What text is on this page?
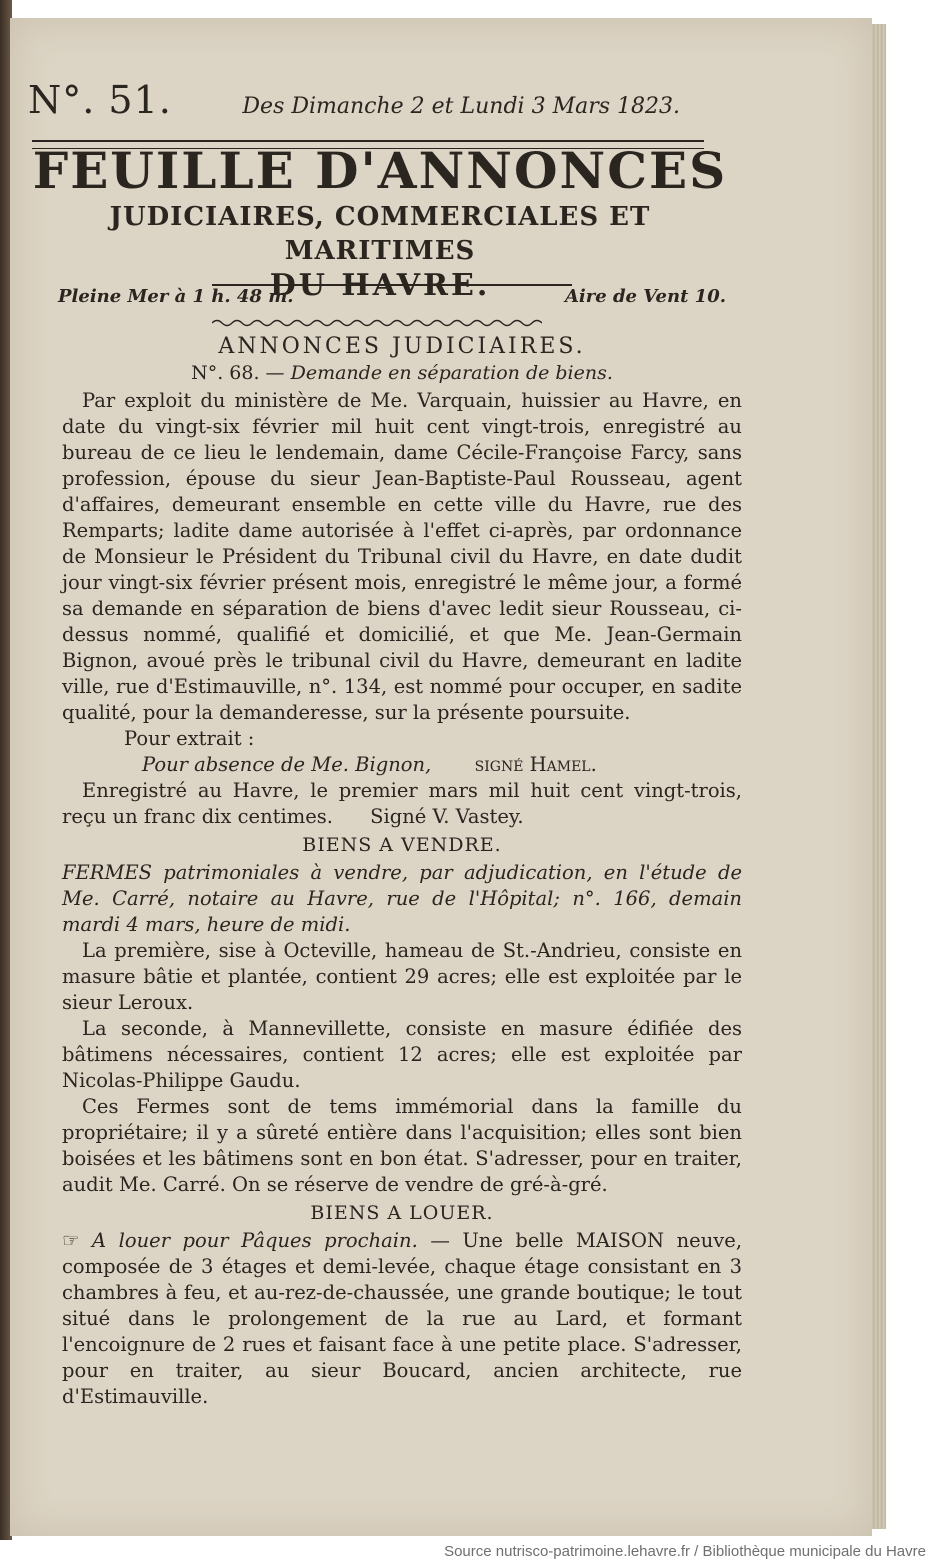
N°. 51.	Des Dimanche 2 et Lundi 3 Mars 1823.
FEUILLE D'ANNONCES
JUDICIAIRES, COMMERCIALES ET MARITIMES
DU HAVRE.
Pleine Mer à 1 h. 48 m.	Aire de Vent 10.

ANNONCES JUDICIAIRES.

N°. 68. — Demande en séparation de biens.

Par exploit du ministère de Me. Varquain, huissier au Havre, en date du vingt-six février mil huit cent vingt-trois, enregistré au bureau de ce lieu le lendemain, dame Cécile-Françoise Farcy, sans profession, épouse du sieur Jean-Baptiste-Paul Rousseau, agent d'affaires, demeurant ensemble en cette ville du Havre, rue des Remparts; ladite dame autorisée à l'effet ci-après, par ordonnance de Monsieur le Président du Tribunal civil du Havre, en date dudit jour vingt-six février présent mois, enregistré le même jour, a formé sa demande en séparation de biens d'avec ledit sieur Rousseau, ci-dessus nommé, qualifié et domicilié, et que Me. Jean-Germain Bignon, avoué près le tribunal civil du Havre, demeurant en ladite ville, rue d'Estimauville, n°. 134, est nommé pour occuper, en sadite qualité, pour la demanderesse, sur la présente poursuite.

Pour extrait :

Pour absence de Me. Bignon, signé Hamel.

Enregistré au Havre, le premier mars mil huit cent vingt-trois, reçu un franc dix centimes. Signé V. Vastey.

BIENS A VENDRE.

FERMES patrimoniales à vendre, par adjudication, en l'étude de Me. Carré, notaire au Havre, rue de l'Hôpital; n°. 166, demain mardi 4 mars, heure de midi.

La première, sise à Octeville, hameau de St.-Andrieu, consiste en masure bâtie et plantée, contient 29 acres; elle est exploitée par le sieur Leroux.

La seconde, à Mannevillette, consiste en masure édifiée des bâtimens nécessaires, contient 12 acres; elle est exploitée par Nicolas-Philippe Gaudu.

Ces Fermes sont de tems immémorial dans la famille du propriétaire; il y a sûreté entière dans l'acquisition; elles sont bien boisées et les bâtimens sont en bon état. S'adresser, pour en traiter, audit Me. Carré. On se réserve de vendre de gré-à-gré.

BIENS A LOUER.

☞ A louer pour Pâques prochain. — Une belle MAISON neuve, composée de 3 étages et demi-levée, chaque étage consistant en 3 chambres à feu, et au-rez-de-chaussée, une grande boutique; le tout situé dans le prolongement de la rue au Lard, et formant l'encoignure de 2 rues et faisant face à une petite place. S'adresser, pour en traiter, au sieur Boucard, ancien architecte, rue d'Estimauville.

Source nutrisco-patrimoine.lehavre.fr / Bibliothèque municipale du Havre
